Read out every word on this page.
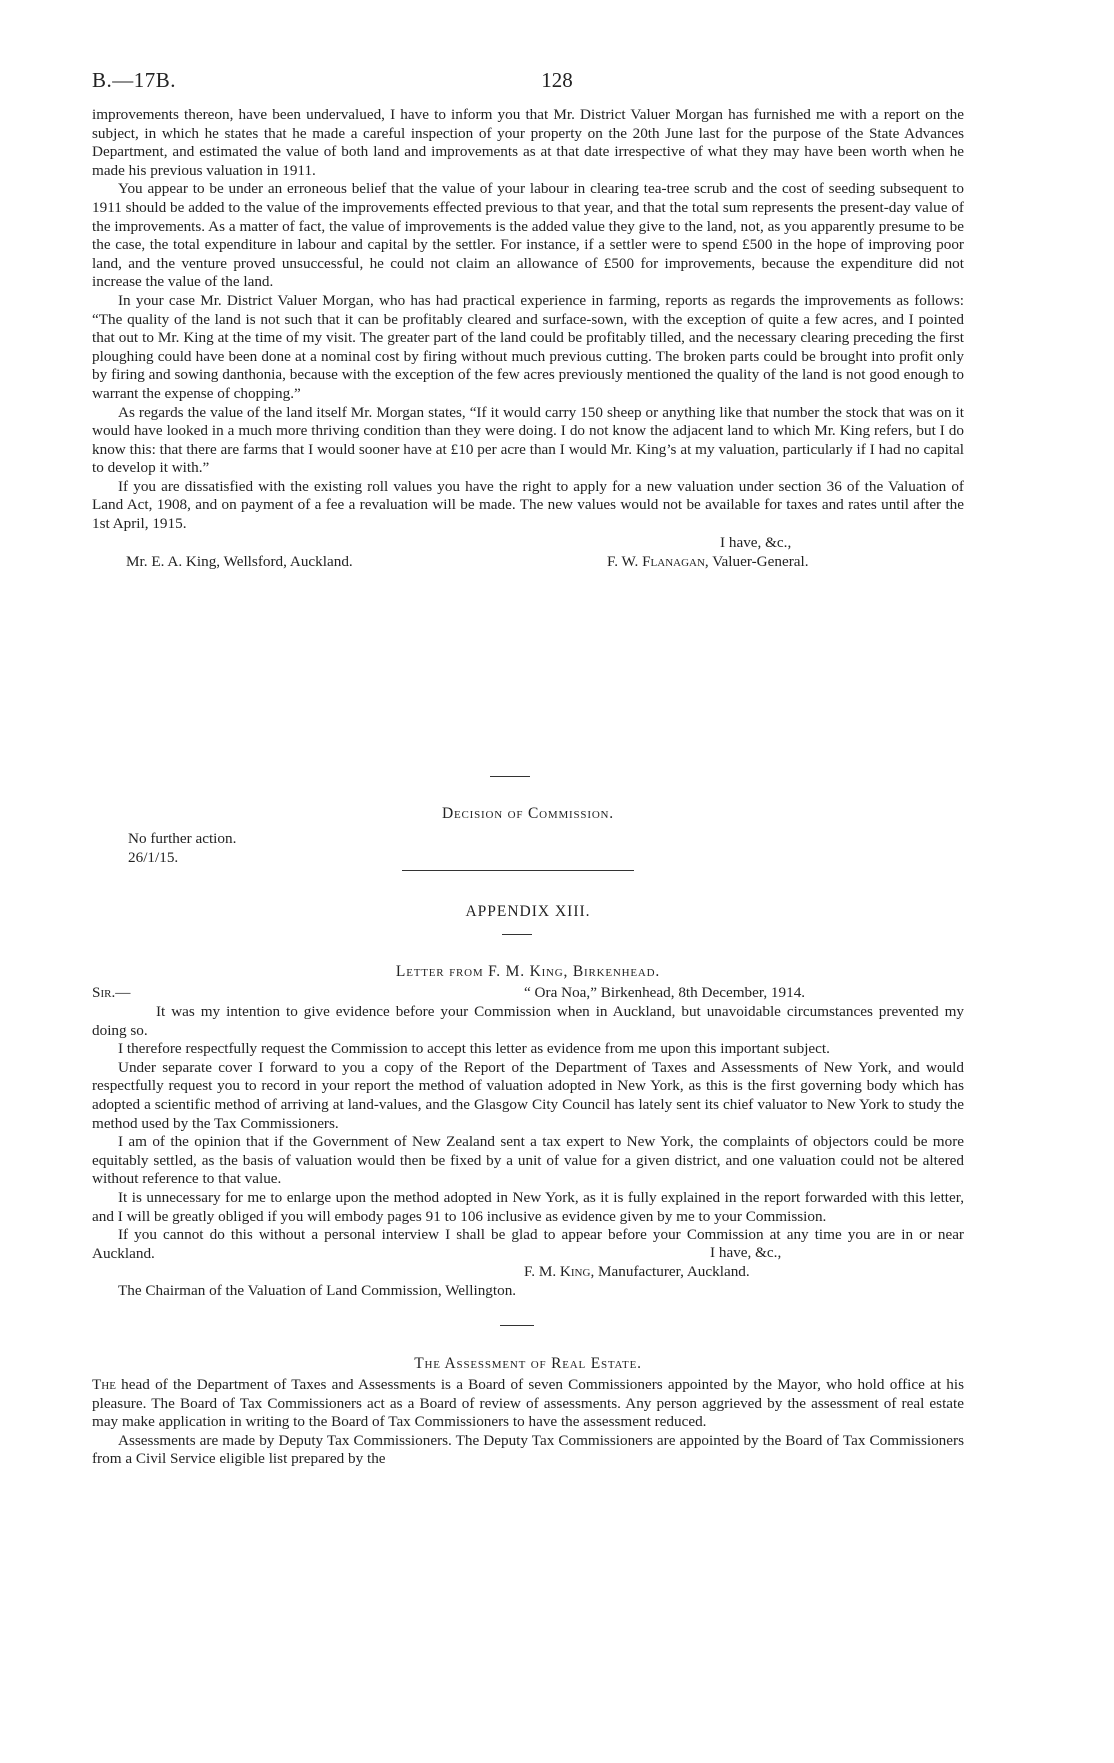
B.—17B.	128

improvements thereon, have been undervalued, I have to inform you that Mr. District Valuer Morgan has furnished me with a report on the subject, in which he states that he made a careful inspection of your property on the 20th June last for the purpose of the State Advances Department, and estimated the value of both land and improvements as at that date irrespective of what they may have been worth when he made his previous valuation in 1911.

You appear to be under an erroneous belief that the value of your labour in clearing tea-tree scrub and the cost of seeding subsequent to 1911 should be added to the value of the improvements effected previous to that year, and that the total sum represents the present-day value of the improvements. As a matter of fact, the value of improvements is the added value they give to the land, not, as you apparently presume to be the case, the total expenditure in labour and capital by the settler. For instance, if a settler were to spend £500 in the hope of improving poor land, and the venture proved unsuccessful, he could not claim an allowance of £500 for improvements, because the expenditure did not increase the value of the land.

In your case Mr. District Valuer Morgan, who has had practical experience in farming, reports as regards the improvements as follows: “The quality of the land is not such that it can be profitably cleared and surface-sown, with the exception of quite a few acres, and I pointed that out to Mr. King at the time of my visit. The greater part of the land could be profitably tilled, and the necessary clearing preceding the first ploughing could have been done at a nominal cost by firing without much previous cutting. The broken parts could be brought into profit only by firing and sowing danthonia, because with the exception of the few acres previously mentioned the quality of the land is not good enough to warrant the expense of chopping.”

As regards the value of the land itself Mr. Morgan states, “If it would carry 150 sheep or anything like that number the stock that was on it would have looked in a much more thriving condition than they were doing. I do not know the adjacent land to which Mr. King refers, but I do know this: that there are farms that I would sooner have at £10 per acre than I would Mr. King’s at my valuation, particularly if I had no capital to develop it with.”

If you are dissatisfied with the existing roll values you have the right to apply for a new valuation under section 36 of the Valuation of Land Act, 1908, and on payment of a fee a revaluation will be made. The new values would not be available for taxes and rates until after the 1st April, 1915.

I have, &c.,
Mr. E. A. King, Wellsford, Auckland.	F. W. Flanagan, Valuer-General.
Decision of Commission.
No further action.
26/1/15.
APPENDIX XIII.
Letter from F. M. King, Birkenhead.
Sir.—	“ Ora Noa,” Birkenhead, 8th December, 1914.

It was my intention to give evidence before your Commission when in Auckland, but unavoidable circumstances prevented my doing so.

I therefore respectfully request the Commission to accept this letter as evidence from me upon this important subject.

Under separate cover I forward to you a copy of the Report of the Department of Taxes and Assessments of New York, and would respectfully request you to record in your report the method of valuation adopted in New York, as this is the first governing body which has adopted a scientific method of arriving at land-values, and the Glasgow City Council has lately sent its chief valuator to New York to study the method used by the Tax Commissioners.

I am of the opinion that if the Government of New Zealand sent a tax expert to New York, the complaints of objectors could be more equitably settled, as the basis of valuation would then be fixed by a unit of value for a given district, and one valuation could not be altered without reference to that value.

It is unnecessary for me to enlarge upon the method adopted in New York, as it is fully explained in the report forwarded with this letter, and I will be greatly obliged if you will embody pages 91 to 106 inclusive as evidence given by me to your Commission.

If you cannot do this without a personal interview I shall be glad to appear before your Commission at any time you are in or near Auckland.	I have, &c.,
F. M. King, Manufacturer, Auckland.
The Chairman of the Valuation of Land Commission, Wellington.
The Assessment of Real Estate.

The head of the Department of Taxes and Assessments is a Board of seven Commissioners appointed by the Mayor, who hold office at his pleasure. The Board of Tax Commissioners act as a Board of review of assessments. Any person aggrieved by the assessment of real estate may make application in writing to the Board of Tax Commissioners to have the assessment reduced.

Assessments are made by Deputy Tax Commissioners. The Deputy Tax Commissioners are appointed by the Board of Tax Commissioners from a Civil Service eligible list prepared by the
